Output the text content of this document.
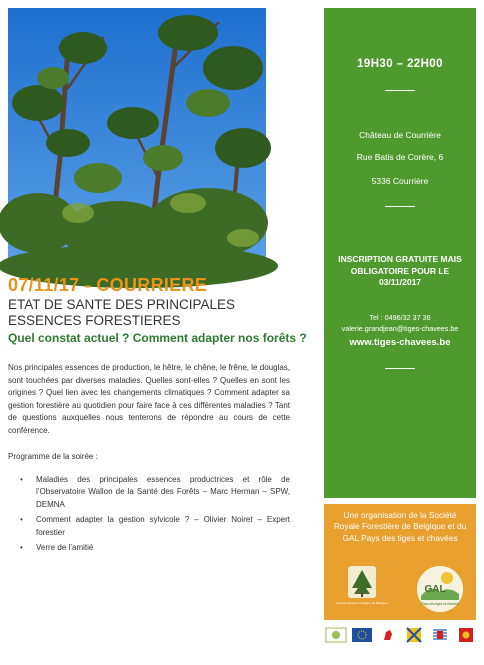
07/11/17 - COURRIERE
ETAT DE SANTE DES PRINCIPALES
ESSENCES FORESTIERES
Quel constat actuel ? Comment adapter nos forêts ?

Nos principales essences de production, le hêtre, le chêne, le frêne, le douglas, sont touchées par diverses maladies. Quelles sont-elles ? Quelles en sont les origines ? Quel lien avec les changements climatiques ? Comment adapter sa gestion forestière au quotidien pour faire face à ces différentes maladies ? Tant de questions auxquelles nous tenterons de répondre au cours de cette conférence.

Programme de la soirée :
• Maladies des principales essences productrices et rôle de l’Observatoire Wallon de la Santé des Forêts – Marc Herman – SPW, DEMNA
• Comment adapter la gestion sylvicole ? – Olivier Noiret – Expert forestier
• Verre de l’amitié
19H30 – 22H00
Château de Courrière
Rue Batis de Corère, 6
5336 Courrière
INSCRIPTION GRATUITE MAIS OBLIGATOIRE POUR LE 03/11/2017
Tel : 0496/32 37 36
valerie.grandjean@tiges-chavees.be
www.tiges-chavees.be
Une organisation de la Société Royale Forestière de Belgique et du GAL Pays des tiges et chavées
Société Royale Forestière de Belgique
GAL
Pays des tiges et chavées
